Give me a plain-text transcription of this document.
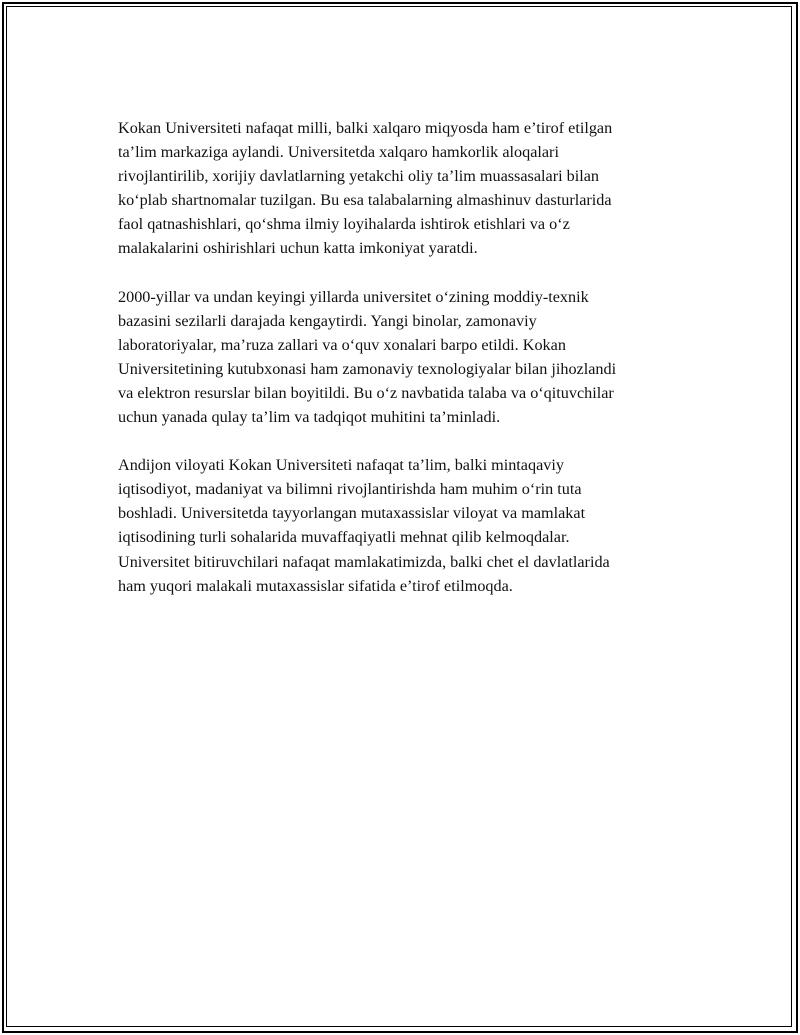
Kokan Universiteti nafaqat milli, balki xalqaro miqyosda ham e’tirof etilgan
ta’lim markaziga aylandi. Universitetda xalqaro hamkorlik aloqalari
rivojlantirilib, xorijiy davlatlarning yetakchi oliy ta’lim muassasalari bilan
ko‘plab shartnomalar tuzilgan. Bu esa talabalarning almashinuv dasturlarida
faol qatnashishlari, qo‘shma ilmiy loyihalarda ishtirok etishlari va o‘z
malakalarini oshirishlari uchun katta imkoniyat yaratdi.

2000-yillar va undan keyingi yillarda universitet o‘zining moddiy-texnik
bazasini sezilarli darajada kengaytirdi. Yangi binolar, zamonaviy
laboratoriyalar, ma’ruza zallari va o‘quv xonalari barpo etildi. Kokan
Universitetining kutubxonasi ham zamonaviy texnologiyalar bilan jihozlandi
va elektron resurslar bilan boyitildi. Bu o‘z navbatida talaba va o‘qituvchilar
uchun yanada qulay ta’lim va tadqiqot muhitini ta’minladi.

Andijon viloyati Kokan Universiteti nafaqat ta’lim, balki mintaqaviy
iqtisodiyot, madaniyat va bilimni rivojlantirishda ham muhim o‘rin tuta
boshladi. Universitetda tayyorlangan mutaxassislar viloyat va mamlakat
iqtisodining turli sohalarida muvaffaqiyatli mehnat qilib kelmoqdalar.
Universitet bitiruvchilari nafaqat mamlakatimizda, balki chet el davlatlarida
ham yuqori malakali mutaxassislar sifatida e’tirof etilmoqda.
